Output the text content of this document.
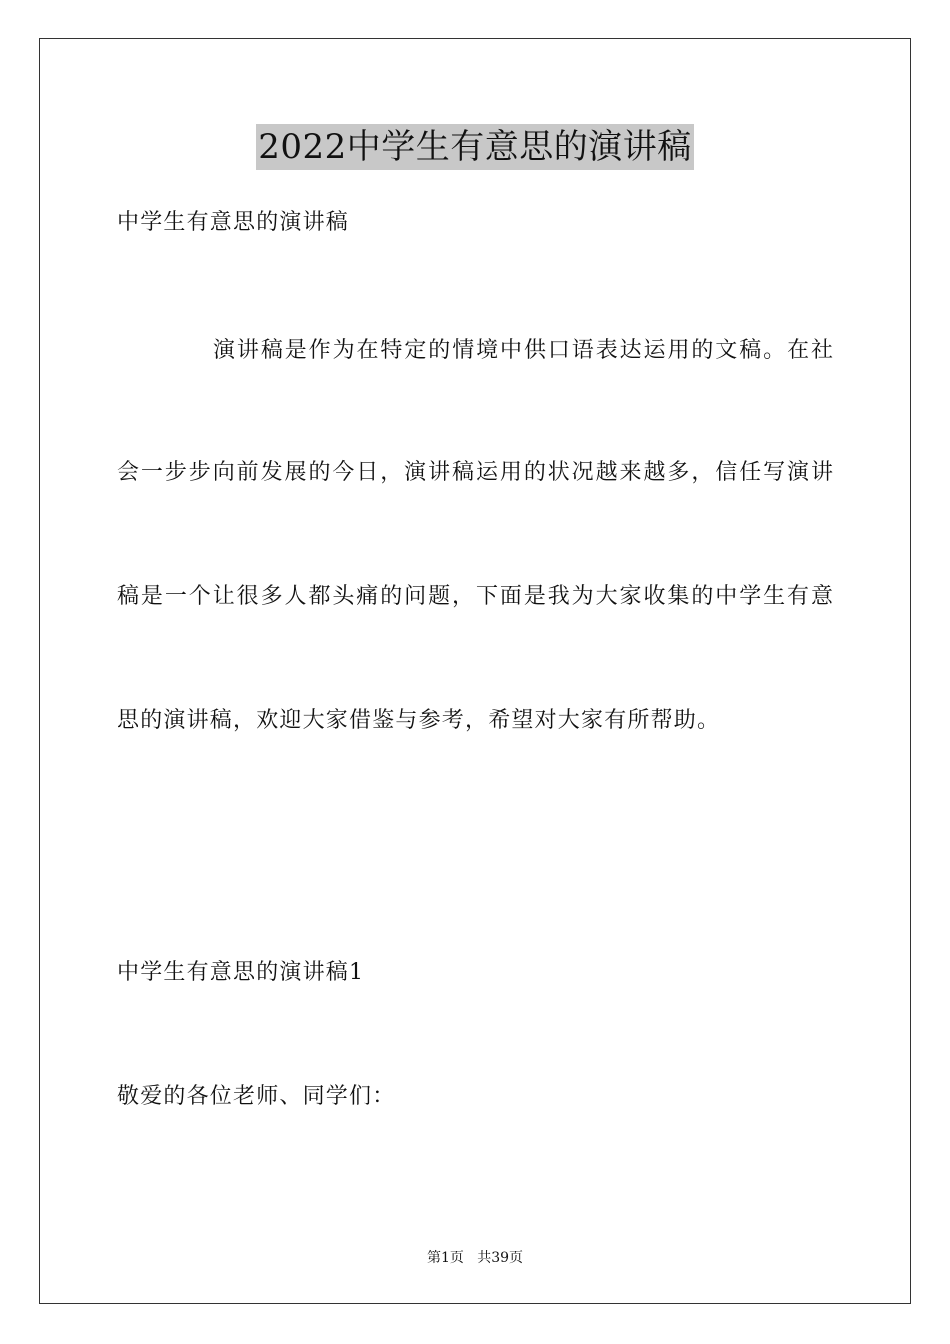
2022中学生有意思的演讲稿
中学生有意思的演讲稿
演讲稿是作为在特定的情境中供口语表达运用的文稿。在社
会一步步向前发展的今日，演讲稿运用的状况越来越多，信任写演讲
稿是一个让很多人都头痛的问题，下面是我为大家收集的中学生有意
思的演讲稿，欢迎大家借鉴与参考，希望对大家有所帮助。
中学生有意思的演讲稿1
敬爱的各位老师、同学们：
第1页   共39页
